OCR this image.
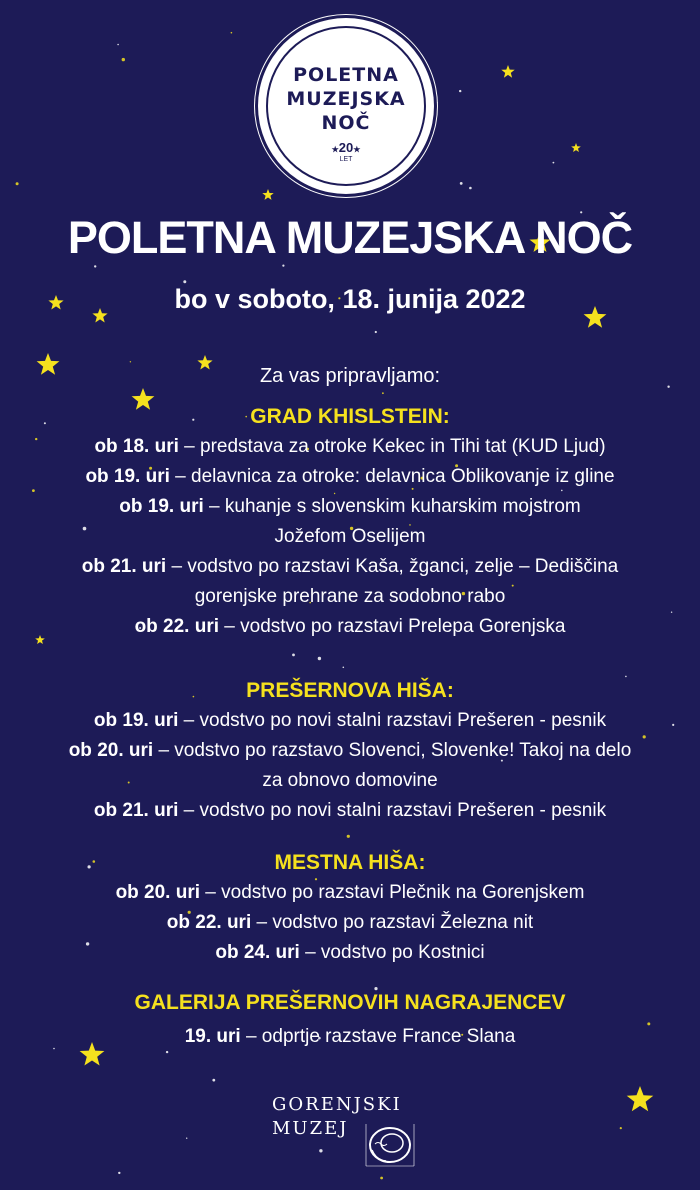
POLETNA
MUZEJSKA
NOČ
★20★
LET
POLETNA MUZEJSKA NOČ
bo v soboto, 18. junija 2022
Za vas pripravljamo:
GRAD KHISLSTEIN:
ob 18. uri – predstava za otroke Kekec in Tihi tat (KUD Ljud)
ob 19. uri – delavnica za otroke: delavnica Oblikovanje iz gline
ob 19. uri – kuhanje s slovenskim kuharskim mojstrom
Jožefom Oselijem
ob 21. uri – vodstvo po razstavi Kaša, žganci, zelje – Dediščina
gorenjske prehrane za sodobno rabo
ob 22. uri – vodstvo po razstavi Prelepa Gorenjska
PREŠERNOVA HIŠA:
ob 19. uri – vodstvo po novi stalni razstavi Prešeren - pesnik
ob 20. uri – vodstvo po razstavo Slovenci, Slovenke! Takoj na delo
za obnovo domovine
ob 21. uri – vodstvo po novi stalni razstavi Prešeren - pesnik
MESTNA HIŠA:
ob 20. uri – vodstvo po razstavi Plečnik na Gorenjskem
ob 22. uri – vodstvo po razstavi Železna nit
ob 24. uri – vodstvo po Kostnici
GALERIJA PREŠERNOVIH NAGRAJENCEV
19. uri – odprtje razstave France Slana
GORENJSKI
MUZEJ
